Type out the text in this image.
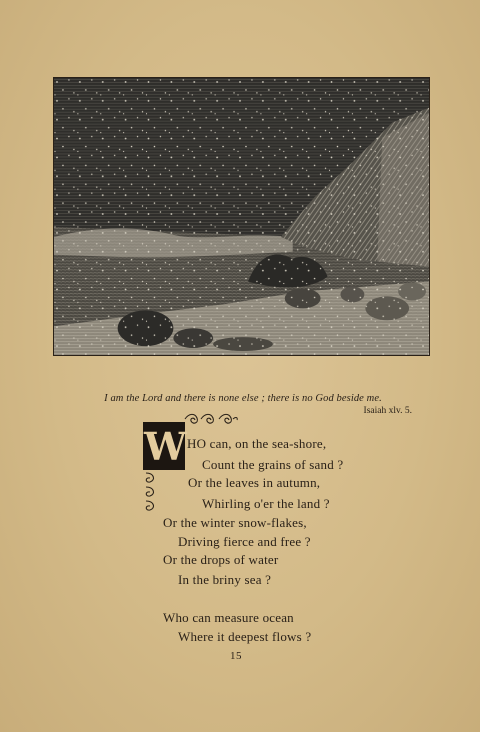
I am the Lord and there is none else ; there is no God beside me.
Isaiah xlv. 5.
W HO can, on the sea-shore,
Count the grains of sand ?
Or the leaves in autumn,
Whirling o'er the land ?
Or the winter snow-flakes,
Driving fierce and free ?
Or the drops of water
In the briny sea ?
Who can measure ocean
Where it deepest flows ?
15
